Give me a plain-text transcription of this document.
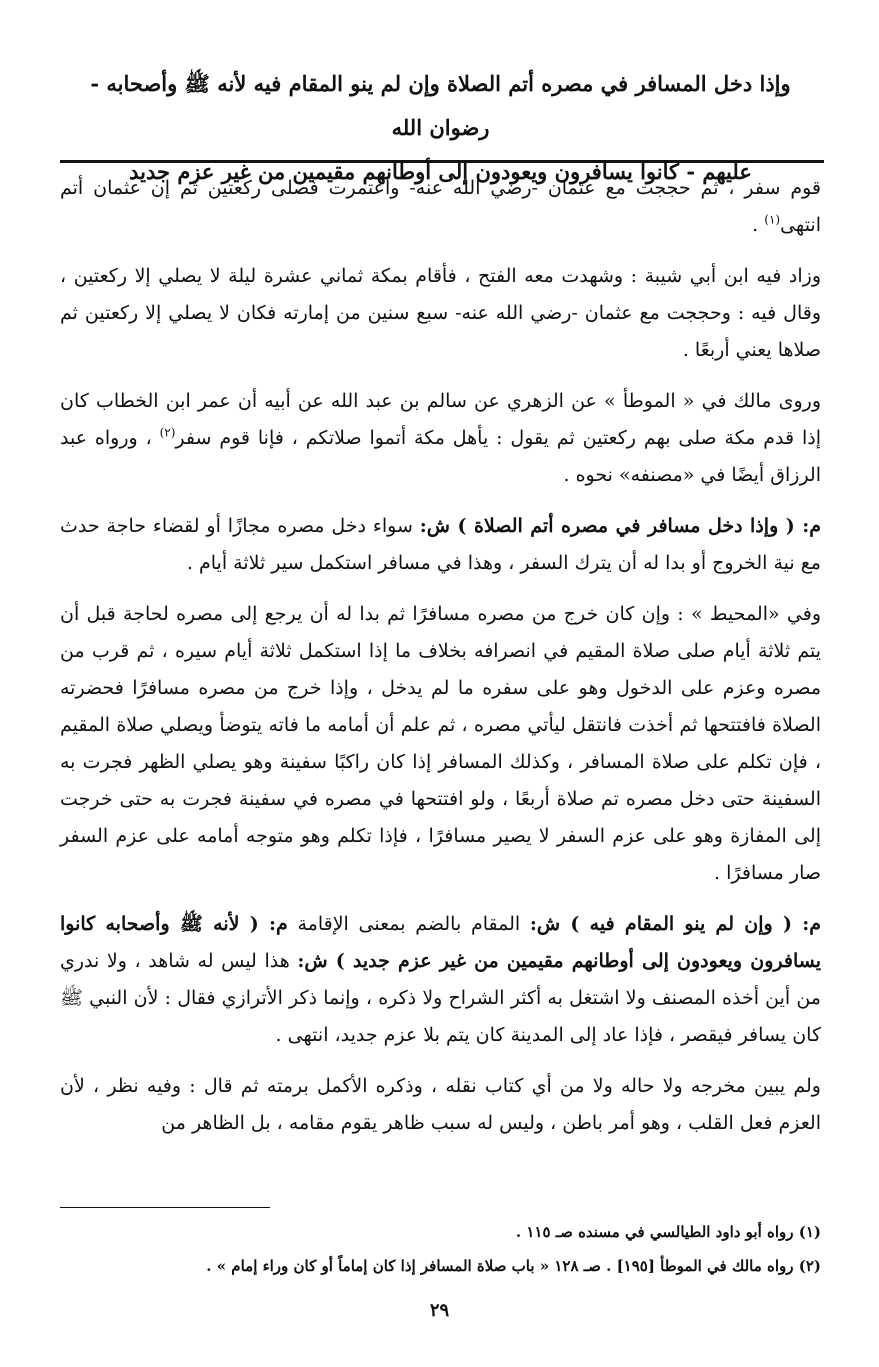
وإذا دخل المسافر في مصره أتم الصلاة وإن لم ينو المقام فيه لأنه ﷺ وأصحابه - رضوان الله

عليهم - كانوا يسافرون ويعودون إلى أوطانهم مقيمين من غير عزم جديد

قوم سفر ، ثم حججت مع عثمان -رضي الله عنه- واعتمرت فصلى ركعتين ثم إن عثمان أتم انتهى$^{(١)}$ .

وزاد فيه ابن أبي شيبة : وشهدت معه الفتح ، فأقام بمكة ثماني عشرة ليلة لا يصلي إلا ركعتين ، وقال فيه : وحججت مع عثمان -رضي الله عنه- سبع سنين من إمارته فكان لا يصلي إلا ركعتين ثم صلاها يعني أربعًا .

وروى مالك في « الموطأ » عن الزهري عن سالم بن عبد الله عن أبيه أن عمر ابن الخطاب كان إذا قدم مكة صلى بهم ركعتين ثم يقول : يأهل مكة أتموا صلاتكم ، فإنا قوم سفر$^{(٢)}$ ، ورواه عبد الرزاق أيضًا في «مصنفه» نحوه .

م: ( وإذا دخل مسافر في مصره أتم الصلاة ) ش: سواء دخل مصره مجازًا أو لقضاء حاجة حدث مع نية الخروج أو بدا له أن يترك السفر ، وهذا في مسافر استكمل سير ثلاثة أيام .

وفي «المحيط » : وإن كان خرج من مصره مسافرًا ثم بدا له أن يرجع إلى مصره لحاجة قبل أن يتم ثلاثة أيام صلى صلاة المقيم في انصرافه بخلاف ما إذا استكمل ثلاثة أيام سيره ، ثم قرب من مصره وعزم على الدخول وهو على سفره ما لم يدخل ، وإذا خرج من مصره مسافرًا فحضرته الصلاة فافتتحها ثم أخذت فانتقل ليأتي مصره ، ثم علم أن أمامه ما فاته يتوضأ ويصلي صلاة المقيم ، فإن تكلم على صلاة المسافر ، وكذلك المسافر إذا كان راكبًا سفينة وهو يصلي الظهر فجرت به السفينة حتى دخل مصره تم صلاة أربعًا ، ولو افتتحها في مصره في سفينة فجرت به حتى خرجت إلى المفازة وهو على عزم السفر لا يصير مسافرًا ، فإذا تكلم وهو متوجه أمامه على عزم السفر صار مسافرًا .

م: ( وإن لم ينو المقام فيه ) ش: المقام بالضم بمعنى الإقامة م: ( لأنه ﷺ وأصحابه كانوا يسافرون ويعودون إلى أوطانهم مقيمين من غير عزم جديد ) ش: هذا ليس له شاهد ، ولا ندري من أين أخذه المصنف ولا اشتغل به أكثر الشراح ولا ذكره ، وإنما ذكر الأترازي فقال : لأن النبي ﷺ كان يسافر فيقصر ، فإذا عاد إلى المدينة كان يتم بلا عزم جديد، انتهى .

ولم يبين مخرجه ولا حاله ولا من أي كتاب نقله ، وذكره الأكمل برمته ثم قال : وفيه نظر ، لأن العزم فعل القلب ، وهو أمر باطن ، وليس له سبب ظاهر يقوم مقامه ، بل الظاهر من

(١) رواه أبو داود الطيالسي في مسنده صـ ١١٥ .

(٢) رواه مالك في الموطأ [١٩٥] . صـ ١٢٨ « باب صلاة المسافر إذا كان إماماً أو كان وراء إمام » .

٢٩
